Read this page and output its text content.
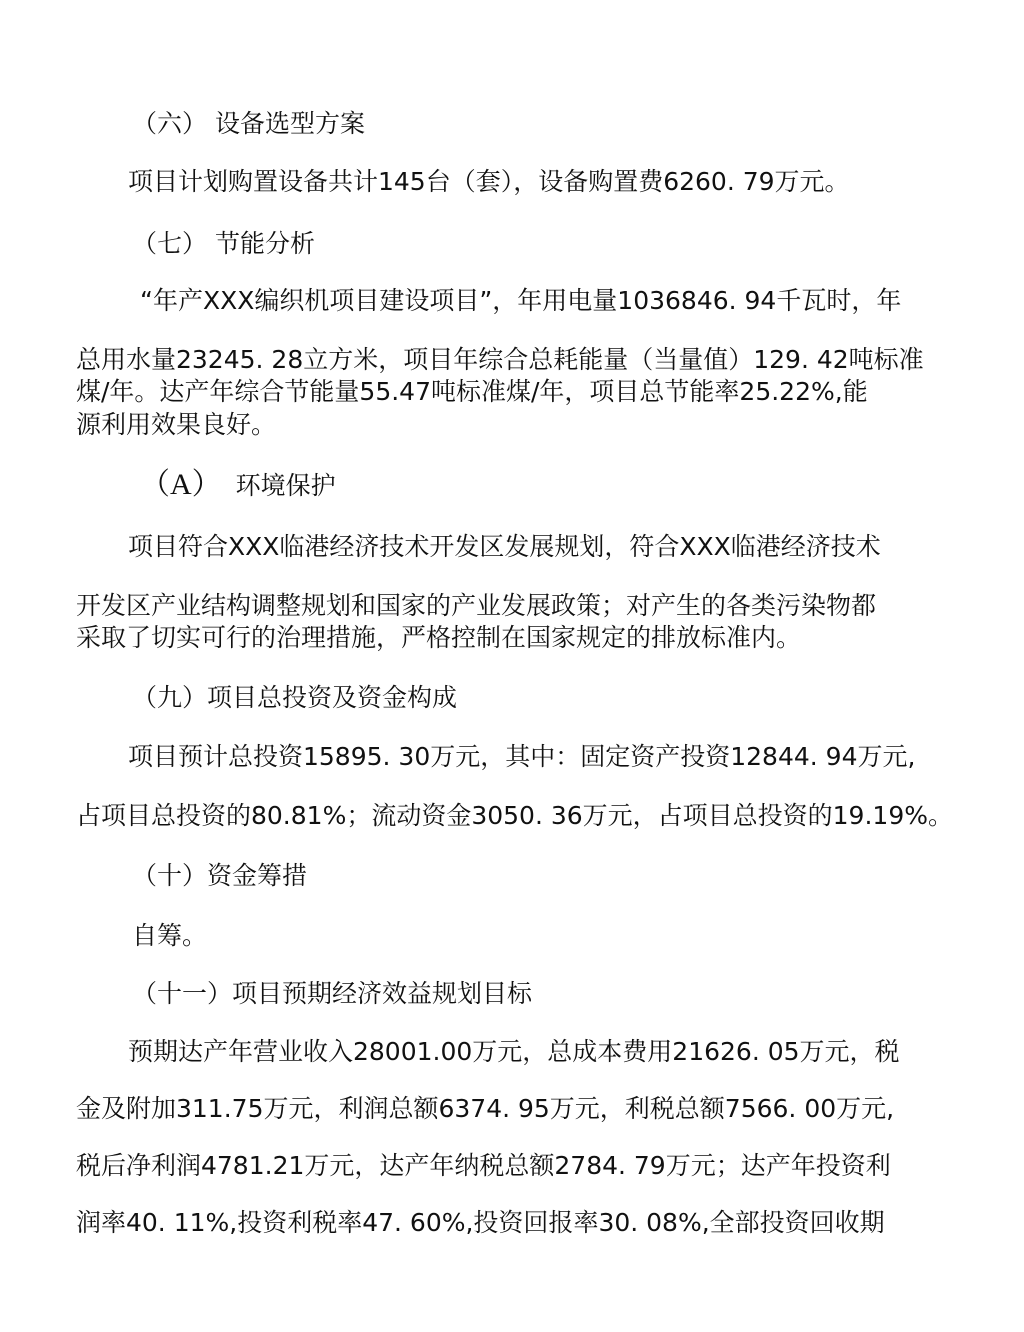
（六） 设备选型方案
项目计划购置设备共计145台（套），设备购置费6260. 79万元。
（七） 节能分析
“年产XXX编织机项目建设项目”，年用电量1036846. 94千瓦时，年
总用水量23245. 28立方米，项目年综合总耗能量（当量值）129. 42吨标准
煤/年。达产年综合节能量55.47吨标准煤/年，项目总节能率25.22%,能
源利用效果良好。
（A） 环境保护
项目符合XXX临港经济技术开发区发展规划，符合XXX临港经济技术
开发区产业结构调整规划和国家的产业发展政策；对产生的各类污染物都
采取了切实可行的治理措施，严格控制在国家规定的排放标准内。
（九）项目总投资及资金构成
项目预计总投资15895. 30万元，其中：固定资产投资12844. 94万元,
占项目总投资的80.81%；流动资金3050. 36万元，占项目总投资的19.19%。
（十）资金筹措
自筹。
（十一）项目预期经济效益规划目标
预期达产年营业收入28001.00万元，总成本费用21626. 05万元，税
金及附加311.75万元，利润总额6374. 95万元，利税总额7566. 00万元,
税后净利润4781.21万元，达产年纳税总额2784. 79万元；达产年投资利
润率40. 11%,投资利税率47. 60%,投资回报率30. 08%,全部投资回收期
